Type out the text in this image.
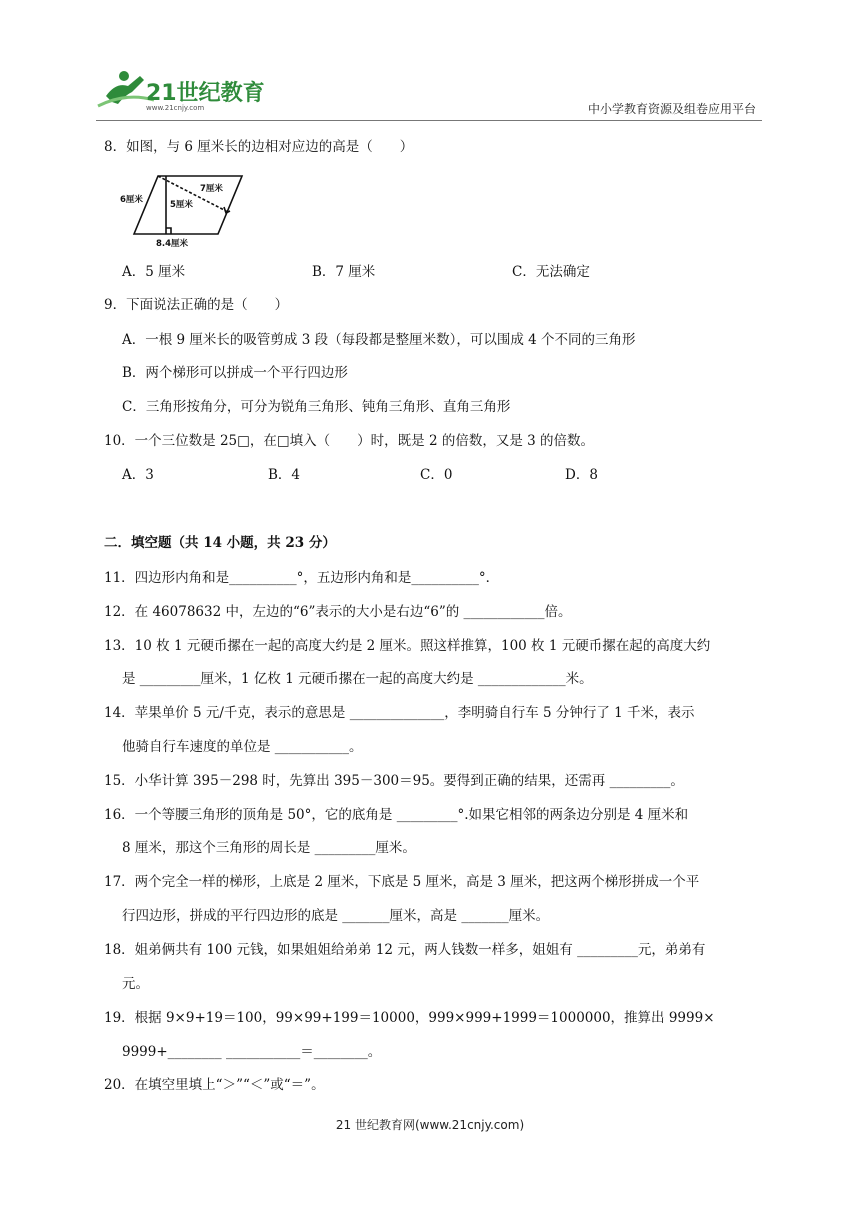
21世纪教育
www.21cnjy.com	中小学教育资源及组卷应用平台
8．如图，与 6 厘米长的边相对应边的高是（　　）
6厘米
7厘米
5厘米
8.4厘米
A．5 厘米	B．7 厘米	C．无法确定
9．下面说法正确的是（　　）
A．一根 9 厘米长的吸管剪成 3 段（每段都是整厘米数），可以围成 4 个不同的三角形
B．两个梯形可以拼成一个平行四边形
C．三角形按角分，可分为锐角三角形、钝角三角形、直角三角形
10．一个三位数是 25□，在□填入（　　）时，既是 2 的倍数，又是 3 的倍数。
A．3	B．4	C．0	D．8
二．填空题（共 14 小题，共 23 分）
11．四边形内角和是__________°，五边形内角和是__________°．
12．在 46078632 中，左边的“6”表示的大小是右边“6”的 ____________倍。
13．10 枚 1 元硬币摞在一起的高度大约是 2 厘米。照这样推算，100 枚 1 元硬币摞在起的高度大约
是 _________厘米，1 亿枚 1 元硬币摞在一起的高度大约是 _____________米。
14．苹果单价 5 元/千克，表示的意思是 ______________，李明骑自行车 5 分钟行了 1 千米，表示
他骑自行车速度的单位是 ___________。
15．小华计算 395－298 时，先算出 395－300＝95。要得到正确的结果，还需再 _________。
16．一个等腰三角形的顶角是 50°，它的底角是 _________°.如果它相邻的两条边分别是 4 厘米和
8 厘米，那这个三角形的周长是 _________厘米。
17．两个完全一样的梯形，上底是 2 厘米，下底是 5 厘米，高是 3 厘米，把这两个梯形拼成一个平
行四边形，拼成的平行四边形的底是 _______厘米，高是 _______厘米。
18．姐弟俩共有 100 元钱，如果姐姐给弟弟 12 元，两人钱数一样多，姐姐有 _________元，弟弟有
元。
19．根据 9×9+19＝100，99×99+199＝10000，999×999+1999＝1000000，推算出 9999×
9999+________ ___________＝________。
20．在填空里填上“＞”“＜”或“＝”。
21 世纪教育网(www.21cnjy.com)
